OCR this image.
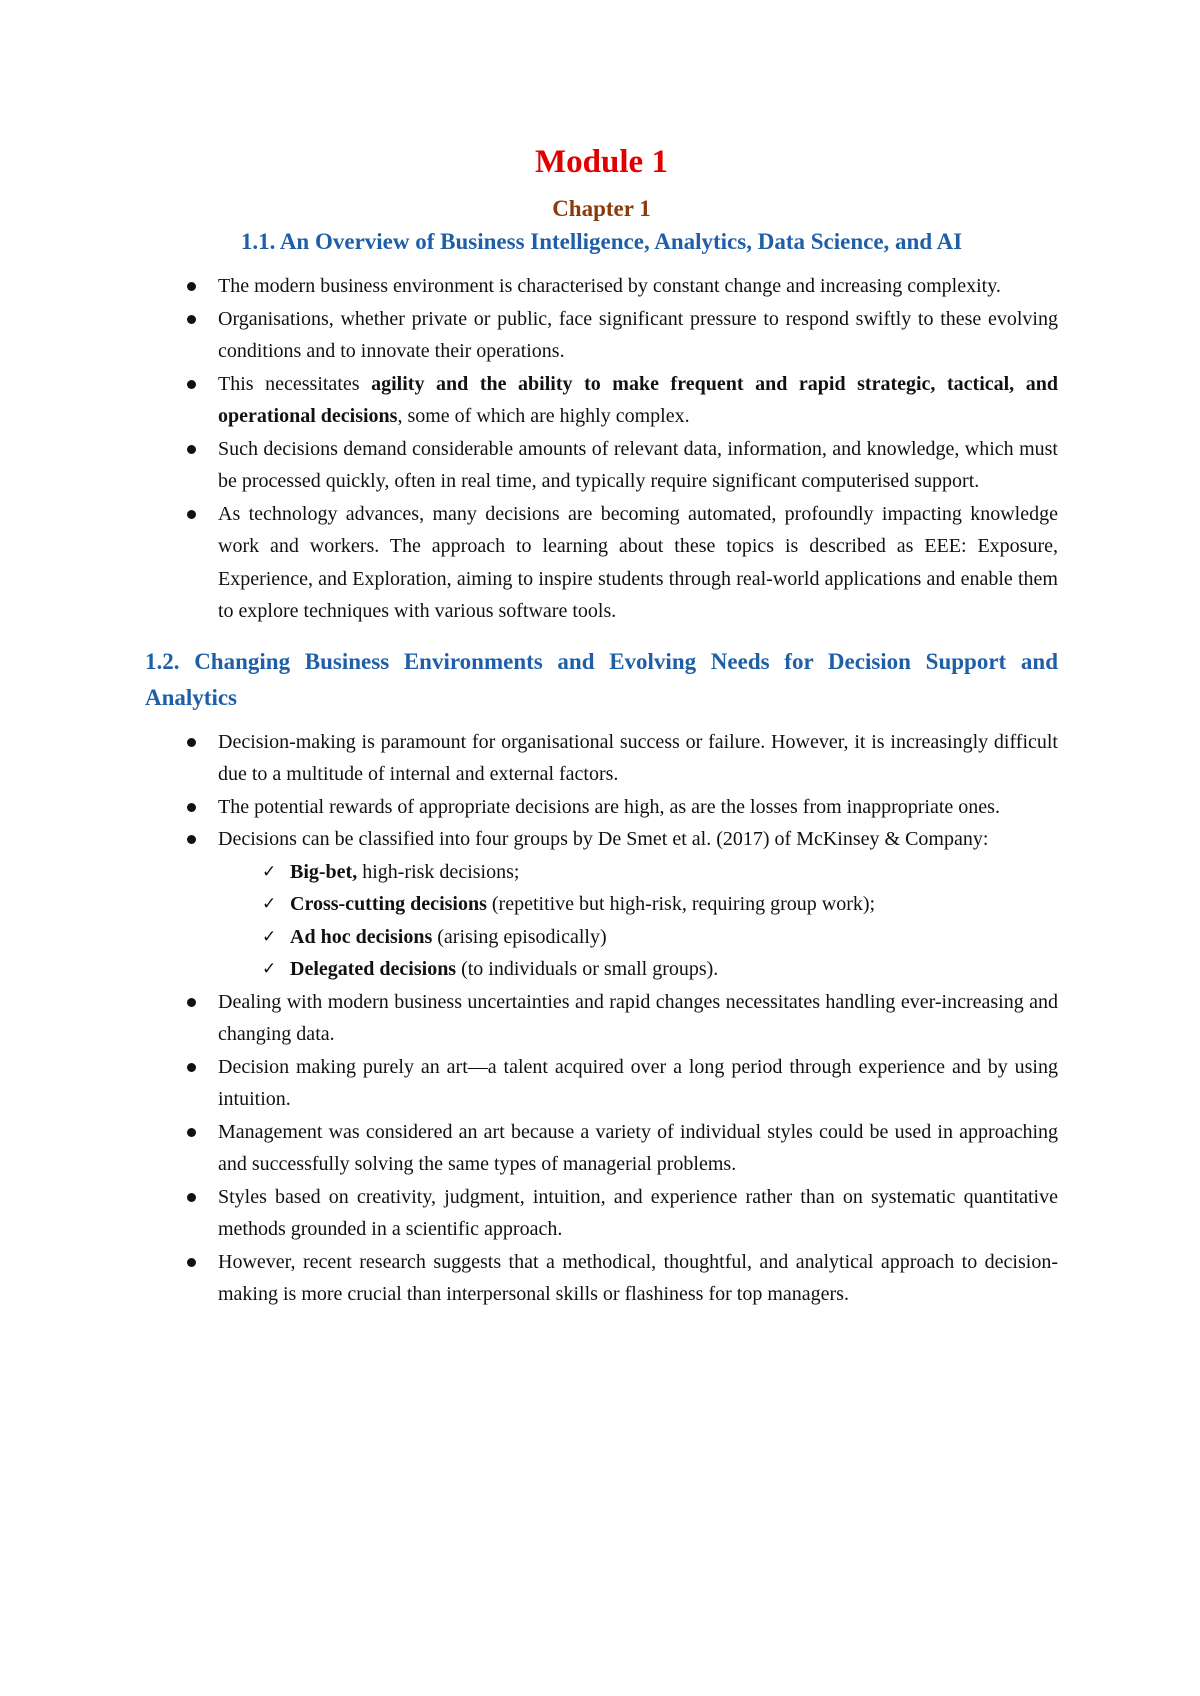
Module 1
Chapter 1
1.1. An Overview of Business Intelligence, Analytics, Data Science, and AI
The modern business environment is characterised by constant change and increasing complexity.
Organisations, whether private or public, face significant pressure to respond swiftly to these evolving conditions and to innovate their operations.
This necessitates agility and the ability to make frequent and rapid strategic, tactical, and operational decisions, some of which are highly complex.
Such decisions demand considerable amounts of relevant data, information, and knowledge, which must be processed quickly, often in real time, and typically require significant computerised support.
As technology advances, many decisions are becoming automated, profoundly impacting knowledge work and workers. The approach to learning about these topics is described as EEE: Exposure, Experience, and Exploration, aiming to inspire students through real-world applications and enable them to explore techniques with various software tools.
1.2. Changing Business Environments and Evolving Needs for Decision Support and Analytics
Decision-making is paramount for organisational success or failure. However, it is increasingly difficult due to a multitude of internal and external factors.
The potential rewards of appropriate decisions are high, as are the losses from inappropriate ones.
Decisions can be classified into four groups by De Smet et al. (2017) of McKinsey & Company:
✓ Big-bet, high-risk decisions;
✓ Cross-cutting decisions (repetitive but high-risk, requiring group work);
✓ Ad hoc decisions (arising episodically)
✓ Delegated decisions (to individuals or small groups).
Dealing with modern business uncertainties and rapid changes necessitates handling ever-increasing and changing data.
Decision making purely an art—a talent acquired over a long period through experience and by using intuition.
Management was considered an art because a variety of individual styles could be used in approaching and successfully solving the same types of managerial problems.
Styles based on creativity, judgment, intuition, and experience rather than on systematic quantitative methods grounded in a scientific approach.
However, recent research suggests that a methodical, thoughtful, and analytical approach to decision-making is more crucial than interpersonal skills or flashiness for top managers.
